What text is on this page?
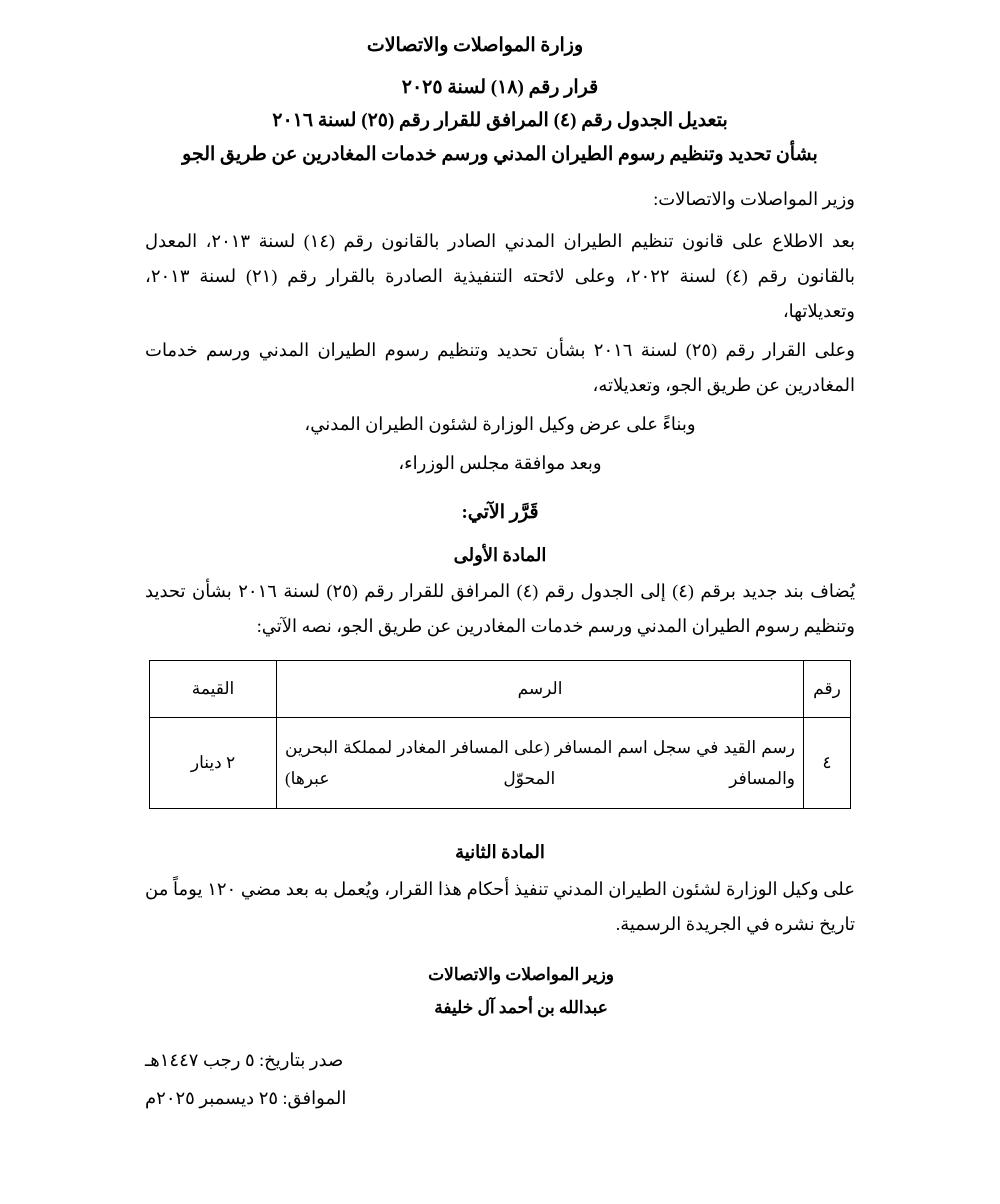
وزارة المواصلات والاتصالات
قرار رقم (١٨) لسنة ٢٠٢٥
بتعديل الجدول رقم (٤) المرافق للقرار رقم (٢٥) لسنة ٢٠١٦
بشأن تحديد وتنظيم رسوم الطيران المدني ورسم خدمات المغادرين عن طريق الجو
وزير المواصلات والاتصالات:

بعد الاطلاع على قانون تنظيم الطيران المدني الصادر بالقانون رقم (١٤) لسنة ٢٠١٣، المعدل بالقانون رقم (٤) لسنة ٢٠٢٢، وعلى لائحته التنفيذية الصادرة بالقرار رقم (٢١) لسنة ٢٠١٣، وتعديلاتها،

وعلى القرار رقم (٢٥) لسنة ٢٠١٦ بشأن تحديد وتنظيم رسوم الطيران المدني ورسم خدمات المغادرين عن طريق الجو، وتعديلاته،

وبناءً على عرض وكيل الوزارة لشئون الطيران المدني،

وبعد موافقة مجلس الوزراء،

قَرَّر الآتي:
المادة الأولى

يُضاف بند جديد برقم (٤) إلى الجدول رقم (٤) المرافق للقرار رقم (٢٥) لسنة ٢٠١٦ بشأن تحديد وتنظيم رسوم الطيران المدني ورسم خدمات المغادرين عن طريق الجو، نصه الآتي:

رقم	الرسم	القيمة
٤	رسم القيد في سجل اسم المسافر (على المسافر المغادر لمملكة البحرين والمسافر المحوّل عبرها)	٢ دينار
المادة الثانية

على وكيل الوزارة لشئون الطيران المدني تنفيذ أحكام هذا القرار، ويُعمل به بعد مضي ١٢٠ يوماً من تاريخ نشره في الجريدة الرسمية.

وزير المواصلات والاتصالات
عبدالله بن أحمد آل خليفة
صدر بتاريخ: ٥ رجب ١٤٤٧هـ
الموافق: ٢٥ ديسمبر ٢٠٢٥م
